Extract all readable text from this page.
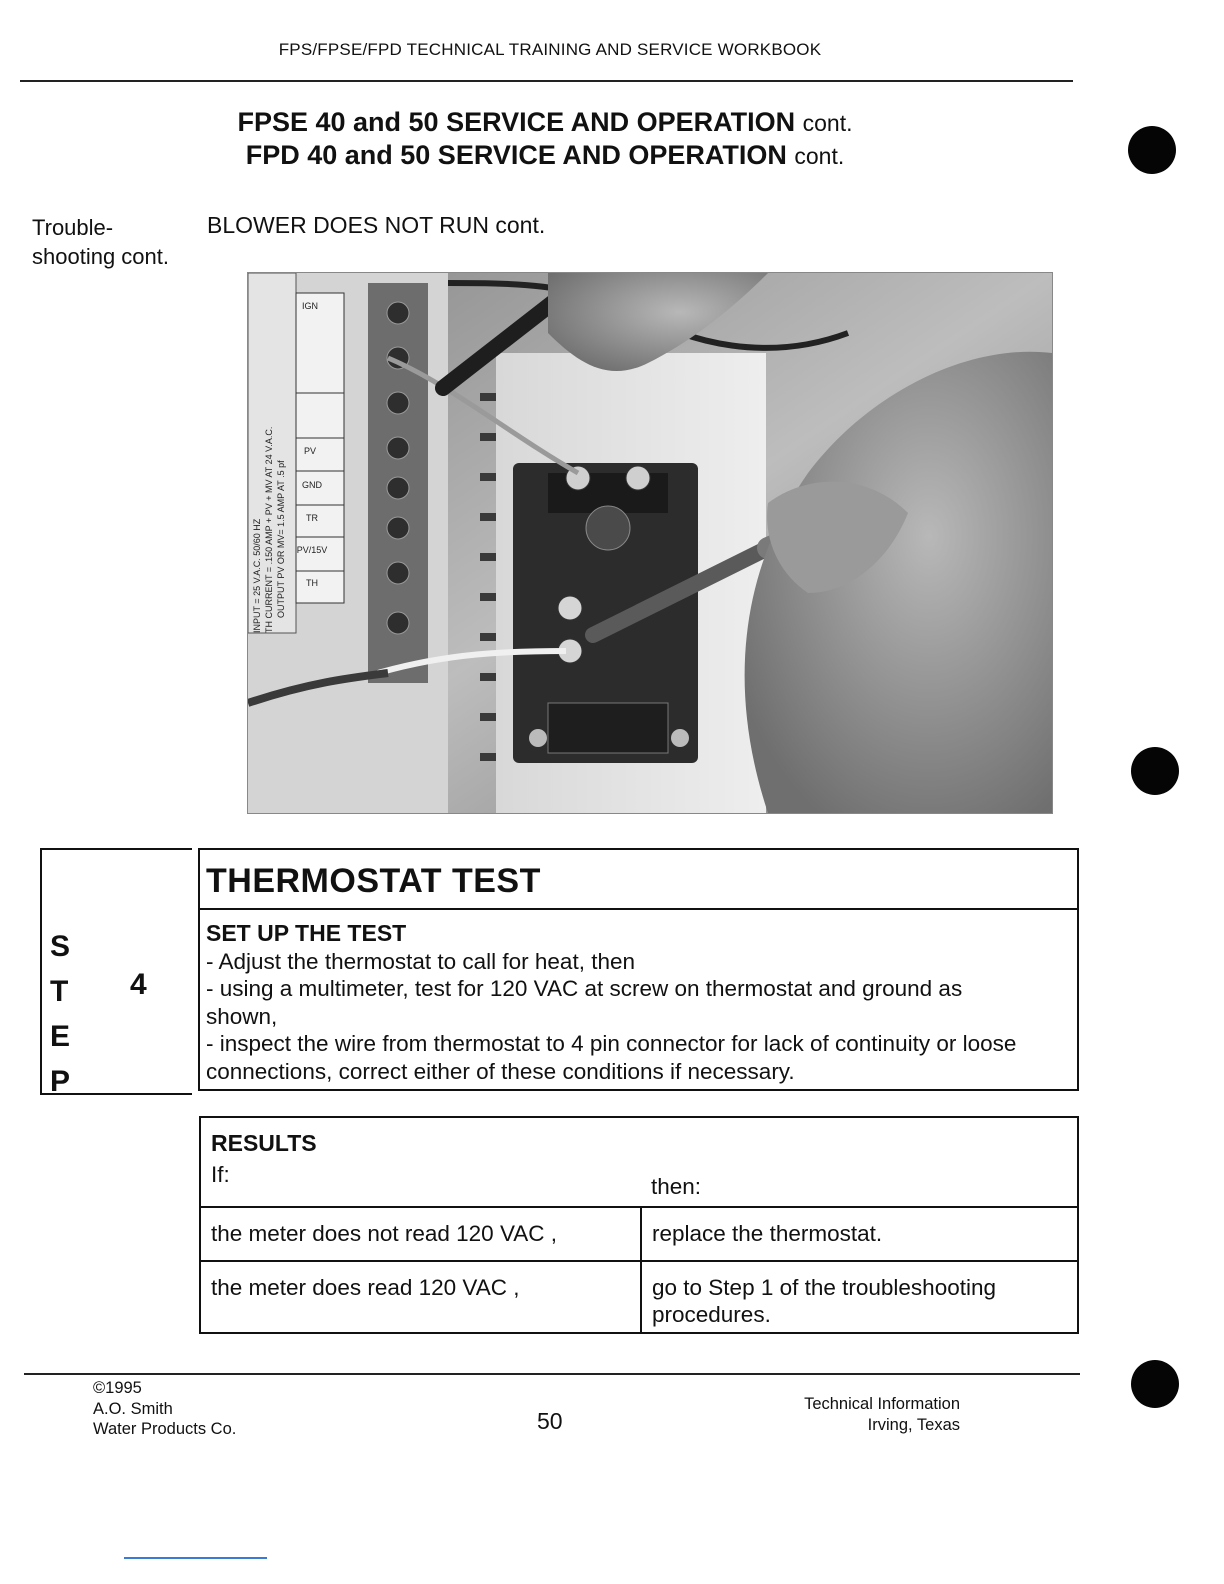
FPS/FPSE/FPD TECHNICAL TRAINING AND SERVICE WORKBOOK
FPSE 40 and 50 SERVICE AND OPERATION cont.
FPD 40 and 50 SERVICE AND OPERATION cont.
Trouble-
shooting cont.
BLOWER DOES NOT RUN cont.
INPUT = 25 V.A.C. 50/60 HZ TH CURRENT = .150 AMP + PV + MV AT 24 V.A.C. OUTPUT PV OR MV= 1.5 AMP AT .5 pf
IGN
PV
GND
TR
PV/15V
TH
S
T
E
P
4
THERMOSTAT TEST
SET UP THE TEST
- Adjust the thermostat to call for heat, then
- using a multimeter, test for 120 VAC at screw on thermostat and ground as
shown,
- inspect the wire from thermostat to 4 pin connector for lack of continuity or loose
connections, correct either of these conditions if necessary.
RESULTS
If:	then:
the meter does not read 120 VAC ,	replace the thermostat.
the meter does read 120 VAC ,	go to Step 1 of the troubleshooting procedures.
©1995
A.O. Smith
Water Products Co.	50
Technical Information
Irving, Texas
